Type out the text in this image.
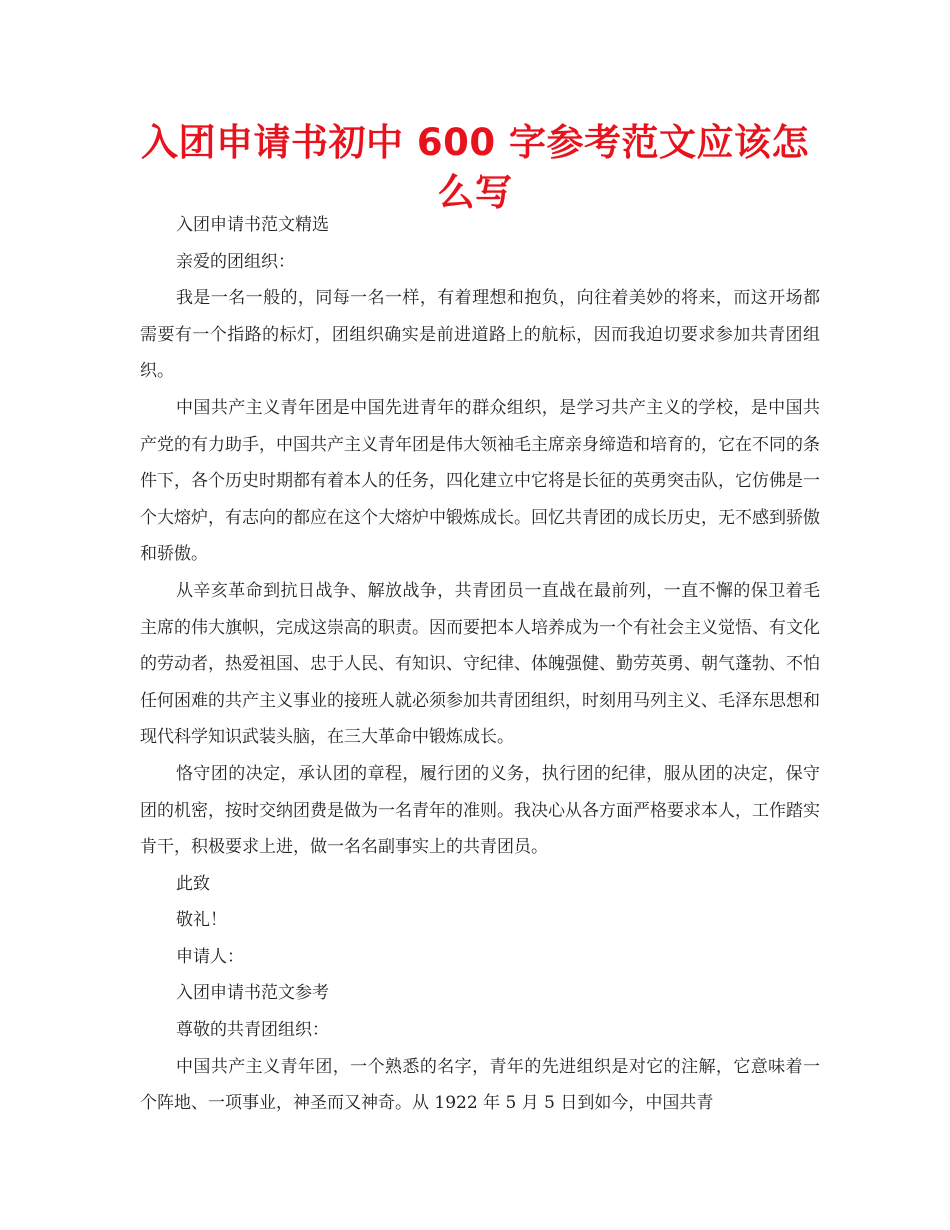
入团申请书初中 600 字参考范文应该怎么写

入团申请书范文精选

亲爱的团组织：

我是一名一般的，同每一名一样，有着理想和抱负，向往着美妙的将来，而这开场都需要有一个指路的标灯，团组织确实是前进道路上的航标，因而我迫切要求参加共青团组织。

中国共产主义青年团是中国先进青年的群众组织，是学习共产主义的学校，是中国共产党的有力助手，中国共产主义青年团是伟大领袖毛主席亲身缔造和培育的，它在不同的条件下，各个历史时期都有着本人的任务，四化建立中它将是长征的英勇突击队，它仿佛是一个大熔炉，有志向的都应在这个大熔炉中锻炼成长。回忆共青团的成长历史，无不感到骄傲和骄傲。

从辛亥革命到抗日战争、解放战争，共青团员一直战在最前列，一直不懈的保卫着毛主席的伟大旗帜，完成这崇高的职责。因而要把本人培养成为一个有社会主义觉悟、有文化的劳动者，热爱祖国、忠于人民、有知识、守纪律、体魄强健、勤劳英勇、朝气蓬勃、不怕任何困难的共产主义事业的接班人就必须参加共青团组织，时刻用马列主义、毛泽东思想和现代科学知识武装头脑，在三大革命中锻炼成长。

恪守团的决定，承认团的章程，履行团的义务，执行团的纪律，服从团的决定，保守团的机密，按时交纳团费是做为一名青年的准则。我决心从各方面严格要求本人，工作踏实肯干，积极要求上进，做一名名副事实上的共青团员。

此致

敬礼！

申请人：

入团申请书范文参考

尊敬的共青团组织：

中国共产主义青年团，一个熟悉的名字，青年的先进组织是对它的注解，它意味着一个阵地、一项事业，神圣而又神奇。从 1922 年 5 月 5 日到如今，中国共青
